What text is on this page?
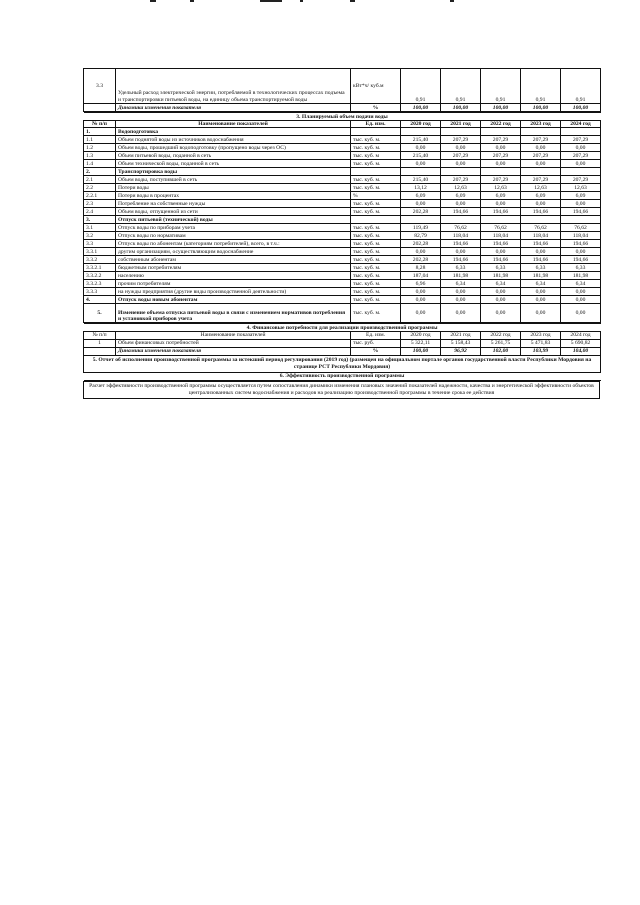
3.3	Удельный расход электрической энергии, потребляемой в технологических процессах подъема и транспортировки питьевой воды, на единицу объема транспортируемой воды	кВт*ч/ куб.м	0,91	0,91	0,91	0,91	0,91
	Динамика изменения показателя	%	100,00	100,00	100,00	100,00	100,00
3. Планируемый объем подачи воды							
№ п/п	Наименование показателей	Ед. изм.	2020 год	2021 год	2022 год	2023 год	2024 год
1.	Водоподготовка						
1.1	Объем поднятой воды из источников водоснабжения	тыс. куб. м.	215,40	207,29	207,29	207,29	207,29
1.2	Объем воды, прошедший водоподготовку (пропущено воды через ОС)	тыс. куб. м.	0,00	0,00	0,00	0,00	0,00
1.3	Объем питьевой воды, поданной в сеть	тыс. куб. м	215,40	207,29	207,29	207,29	207,29
1.4	Объем технической воды, поданной в сеть	тыс. куб. м.	0,00	0,00	0,00	0,00	0,00
2.	Транспортировка воды						
2.1	Объем воды, поступившей в сеть	тыс. куб. м.	215,40	207,29	207,29	207,29	207,29
2.2	Потери воды	тыс. куб. м.	13,12	12,63	12,63	12,63	12,63
2.2.1	Потери воды в процентах	%	6,09	6,09	6,09	6,09	6,09
2.3	Потребление на собственные нужды	тыс. куб. м.	0,00	0,00	0,00	0,00	0,00
2.4	Объем воды, отпущенной из сети	тыс. куб. м.	202,28	194,66	194,66	194,66	194,66
3.	Отпуск питьевой (технической) воды						
3.1	Отпуск воды по приборам учета	тыс. куб. м.	119,49	76,62	76,62	76,62	76,62
3.2	Отпуск воды по нормативам	тыс. куб. м.	82,79	118,04	118,04	118,04	118,04
3.3	Отпуск воды по абонентам (категориям потребителей), всего, в т.ч.:	тыс. куб. м.	202,28	194,66	194,66	194,66	194,66
3.3.1	другим организациям, осуществляющим водоснабжение	тыс. куб. м.	0,00	0,00	0,00	0,00	0,00
3.3.2	собственным абонентам	тыс. куб. м.	202,28	194,66	194,66	194,66	194,66
3.3.2.1	бюджетным потребителям	тыс. куб. м.	8,28	6,33	6,33	6,33	6,33
3.3.2.2	населению	тыс. куб. м.	187,04	181,98	181,98	181,98	181,98
3.3.2.3	прочим потребителям	тыс. куб. м.	6,96	6,34	6,34	6,34	6,34
3.3.3	на нужды предприятия (другие виды производственной деятельности)	тыс. куб. м.	0,00	0,00	0,00	0,00	0,00
4.	Отпуск воды новым абонентам	тыс. куб. м.	0,00	0,00	0,00	0,00	0,00
5.	Изменение объема отпуска питьевой воды в связи с изменением нормативов потребления и установкой приборов учета	тыс. куб. м.	0,00	0,00	0,00	0,00	0,00
4. Финансовые потребности для реализации производственной программы							
№ п/п	Наименование показателей	Ед. изм.	2020 год	2021 год	2022 год	2023 год	2024 год
1	Объем финансовых потребностей	тыс. руб.	5 322,11	5 158,43	5 261,75	5 471,83	5 690,82
	Динамика изменения показателя	%	100,00	96,92	102,00	103,99	104,00
5. Отчет об исполнении производственной программы за истекший период регулирования (2019 год) (размещен на официальном портале органов государственной власти Республики Мордовия на странице РСТ Республики Мордовия)							
6. Эффективность производственной программы							
Расчет эффективности производственной программы осуществляется путем сопоставления динамики изменения плановых значений показателей надежности, качества и энергетической эффективности объектов централизованных систем водоснабжения и расходов на реализацию производственной программы в течение срока ее действия
